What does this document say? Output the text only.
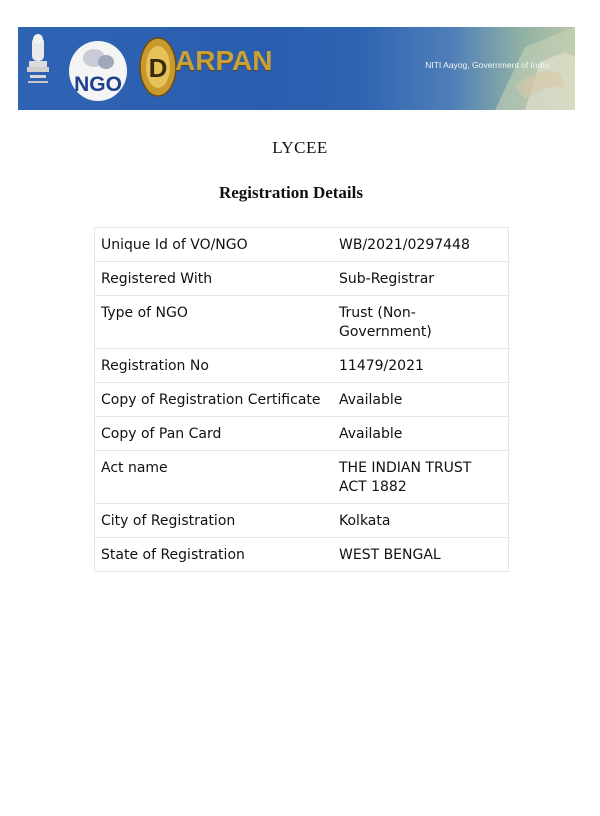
NGO
D ARPAN	NITI Aayog, Government of India
LYCEE
Registration Details
Unique Id of VO/NGO	WB/2021/0297448
Registered With	Sub-Registrar
Type of NGO	Trust (Non-Government)
Registration No	11479/2021
Copy of Registration Certificate	Available
Copy of Pan Card	Available
Act name	THE INDIAN TRUST ACT 1882
City of Registration	Kolkata
State of Registration	WEST BENGAL
